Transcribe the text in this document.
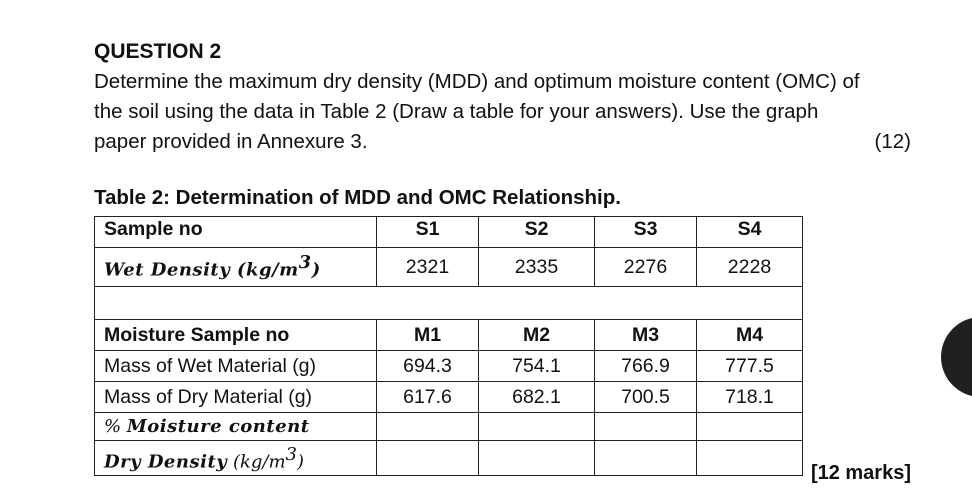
QUESTION 2

Determine the maximum dry density (MDD) and optimum moisture content (OMC) of

the soil using the data in Table 2 (Draw a table for your answers). Use the graph

paper provided in Annexure 3.	(12)
Table 2: Determination of MDD and OMC Relationship.
Sample no	S1	S2	S3	S4
Wet Density $(kg/m^3)$	2321	2335	2276	2228

Moisture Sample no	M1	M2	M3	M4
Mass of Wet Material (g)	694.3	754.1	766.9	777.5
Mass of Dry Material (g)	617.6	682.1	700.5	718.1
% Moisture content				
Dry Density $(kg/m^3)$				
[12 marks]
